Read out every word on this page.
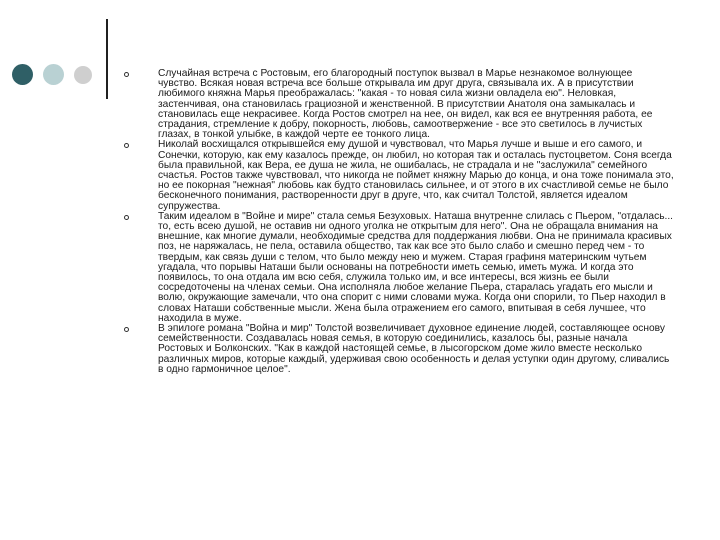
Случайная встреча с Ростовым, его благородный поступок вызвал в Марье незнакомое волнующее чувство. Всякая новая встреча все больше открывала им друг друга, связывала их. А в присутствии любимого княжна Марья преображалась: "какая - то новая сила жизни овладела ею". Неловкая, застенчивая, она становилась грациозной и женственной. В присутствии Анатоля она замыкалась и становилась еще некрасивее. Когда Ростов смотрел на нее, он видел, как вся ее внутренняя работа, ее страдания, стремление к добру, покорность, любовь, самоотвержение - все это светилось в лучистых глазах, в тонкой улыбке, в каждой черте ее тонкого лица.

Николай восхищался открывшейся ему душой и чувствовал, что Марья лучше и выше и его самого, и Сонечки, которую, как ему казалось прежде, он любил, но которая так и осталась пустоцветом. Соня всегда была правильной, как Вера, ее душа не жила, не ошибалась, не страдала и не "заслужила" семейного счастья. Ростов также чувствовал, что никогда не поймет княжну Марью до конца, и она тоже понимала это, но ее покорная "нежная" любовь как будто становилась сильнее, и от этого в их счастливой семье не было бесконечного понимания, растворенности друг в друге, что, как считал Толстой, является идеалом супружества.

Таким идеалом в "Войне и мире" стала семья Безуховых. Наташа внутренне слилась с Пьером, "отдалась... то, есть всею душой, не оставив ни одного уголка не открытым для него". Она не обращала внимания на внешние, как многие думали, необходимые средства для поддержания любви. Она не принимала красивых поз, не наряжалась, не пела, оставила общество, так как все это было слабо и смешно перед чем - то твердым, как связь души с телом, что было между нею и мужем. Старая графиня материнским чутьем угадала, что порывы Наташи были основаны на потребности иметь семью, иметь мужа. И когда это появилось, то она отдала им всю себя, служила только им, и все интересы, вся жизнь ее были сосредоточены на членах семьи. Она исполняла любое желание Пьера, старалась угадать его мысли и волю, окружающие замечали, что она спорит с ними словами мужа. Когда они спорили, то Пьер находил в словах Наташи собственные мысли. Жена была отражением его самого, впитывая в себя лучшее, что находила в муже.

В эпилоге романа "Война и мир" Толстой возвеличивает духовное единение людей, составляющее основу семейственности. Создавалась новая семья, в которую соединились, казалось бы, разные начала Ростовых и Болконских. "Как в каждой настоящей семье, в лысогорском доме жило вместе несколько различных миров, которые каждый, удерживая свою особенность и делая уступки один другому, сливались в одно гармоничное целое".
